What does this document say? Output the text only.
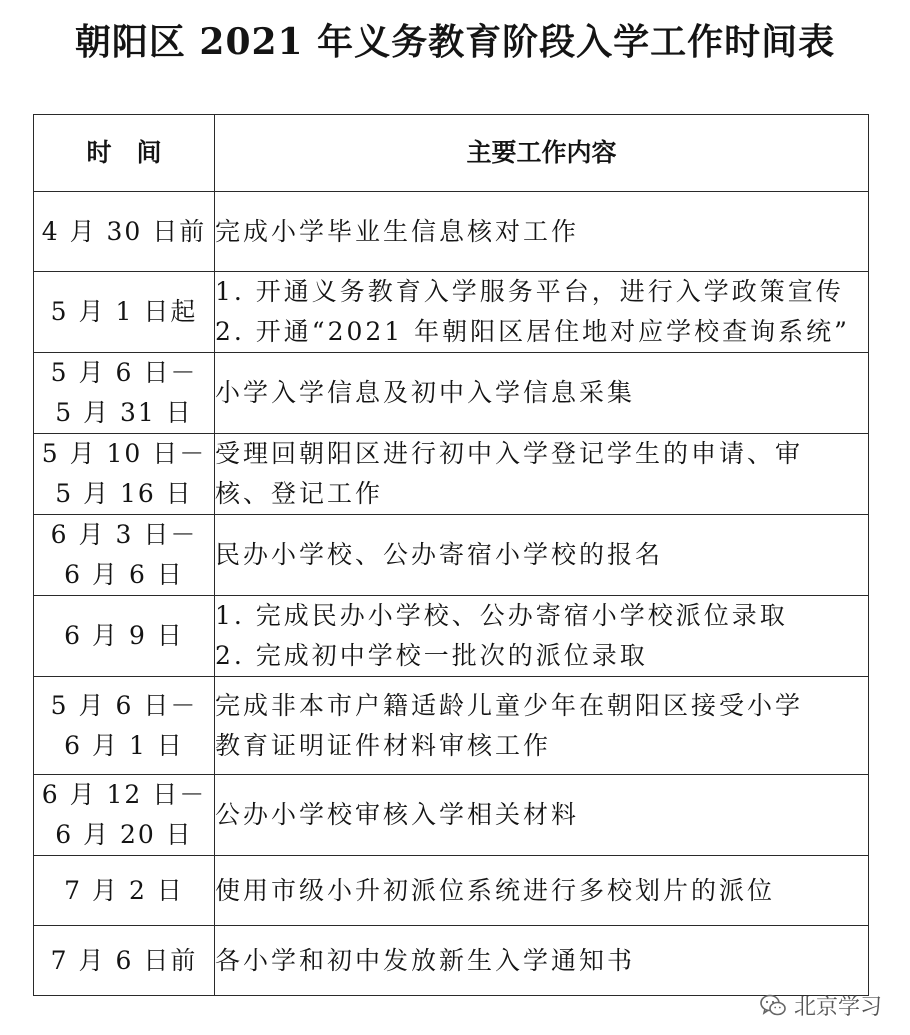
朝阳区 2021 年义务教育阶段入学工作时间表
时　间	主要工作内容

4 月 30 日前	完成小学毕业生信息核对工作

5 月 1 日起	1. 开通义务教育入学服务平台，进行入学政策宣传
2. 开通“2021 年朝阳区居住地对应学校查询系统”

5 月 6 日－
5 月 31 日	小学入学信息及初中入学信息采集

5 月 10 日－
5 月 16 日	受理回朝阳区进行初中入学登记学生的申请、审
核、登记工作

6 月 3 日－
6 月 6 日	民办小学校、公办寄宿小学校的报名

6 月 9 日	1. 完成民办小学校、公办寄宿小学校派位录取
2. 完成初中学校一批次的派位录取

5 月 6 日－
6 月 1 日	完成非本市户籍适龄儿童少年在朝阳区接受小学
教育证明证件材料审核工作

6 月 12 日－
6 月 20 日	公办小学校审核入学相关材料

7 月 2 日	使用市级小升初派位系统进行多校划片的派位

7 月 6 日前	各小学和初中发放新生入学通知书
北京学习
